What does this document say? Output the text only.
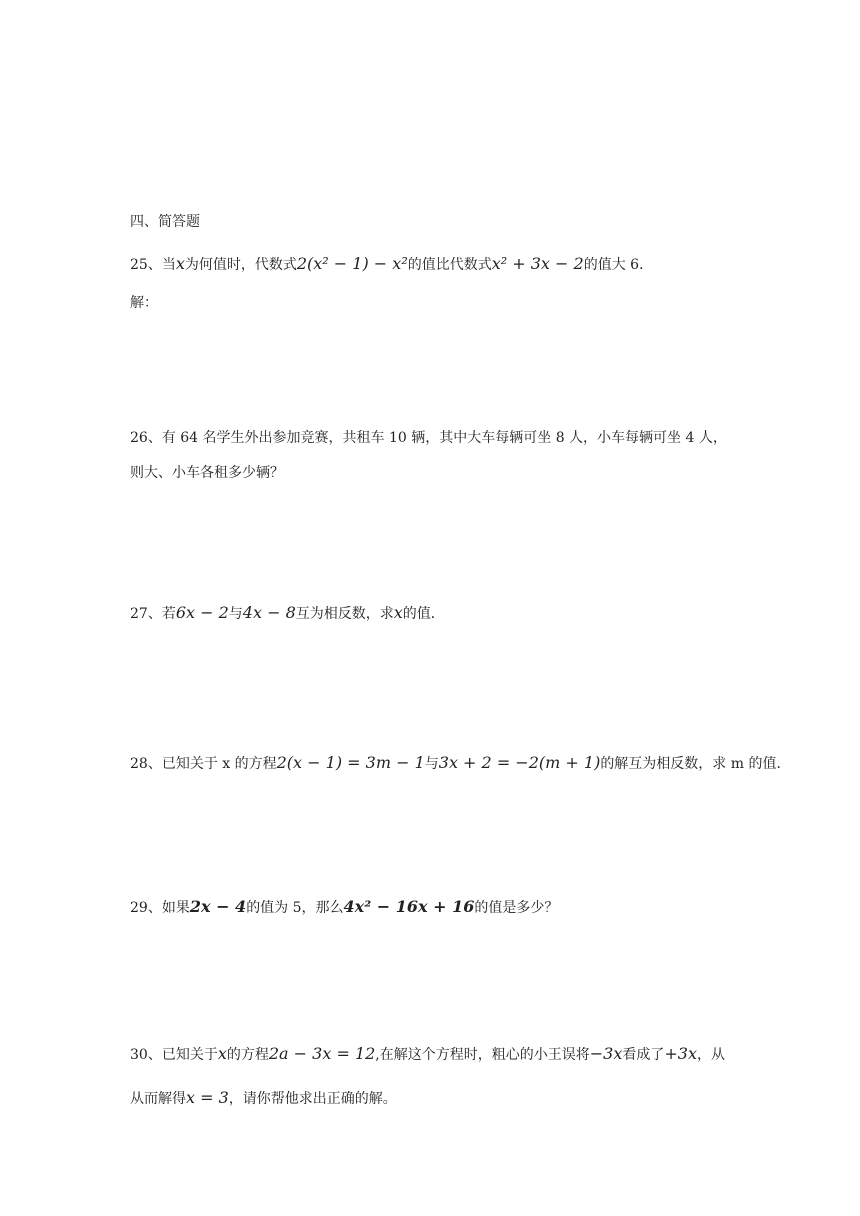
四、简答题
25、当x为何值时，代数式2(x² − 1) − x²的值比代数式x² + 3x − 2的值大 6．
解：
26、有 64 名学生外出参加竞赛，共租车 10 辆，其中大车每辆可坐 8 人，小车每辆可坐 4 人，
则大、小车各租多少辆？
27、若6x − 2与4x − 8互为相反数，求x的值．
28、已知关于 x 的方程2(x − 1) = 3m − 1与3x + 2 = −2(m + 1)的解互为相反数，求 m 的值．
29、如果2x − 4的值为 5，那么4x² − 16x + 16的值是多少？
30、已知关于x的方程2a − 3x = 12,在解这个方程时，粗心的小王误将−3x看成了+3x，从
从而解得x = 3，请你帮他求出正确的解。
